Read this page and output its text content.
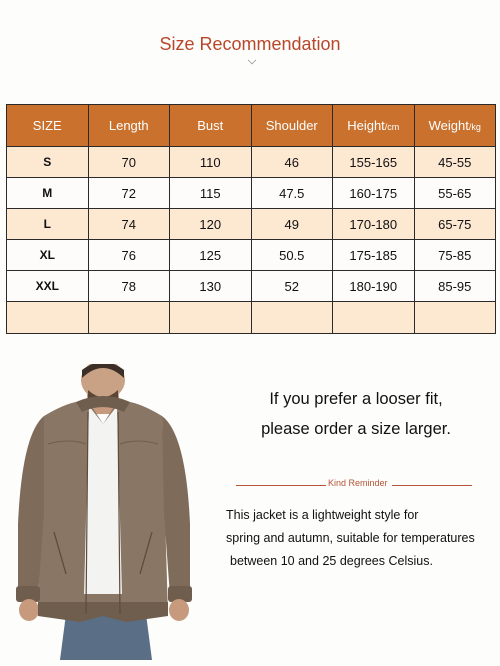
Size Recommendation
SIZE	Length	Bust	Shoulder	Height/cm	Weight/kg
S	70	110	46	155-165	45-55
M	72	115	47.5	160-175	55-65
L	74	120	49	170-180	65-75
XL	76	125	50.5	175-185	75-85
XXL	78	130	52	180-190	85-95

If you prefer a looser fit,
please order a size larger.
Kind Reminder
This jacket is a lightweight style for
spring and autumn, suitable for temperatures
between 10 and 25 degrees Celsius.
